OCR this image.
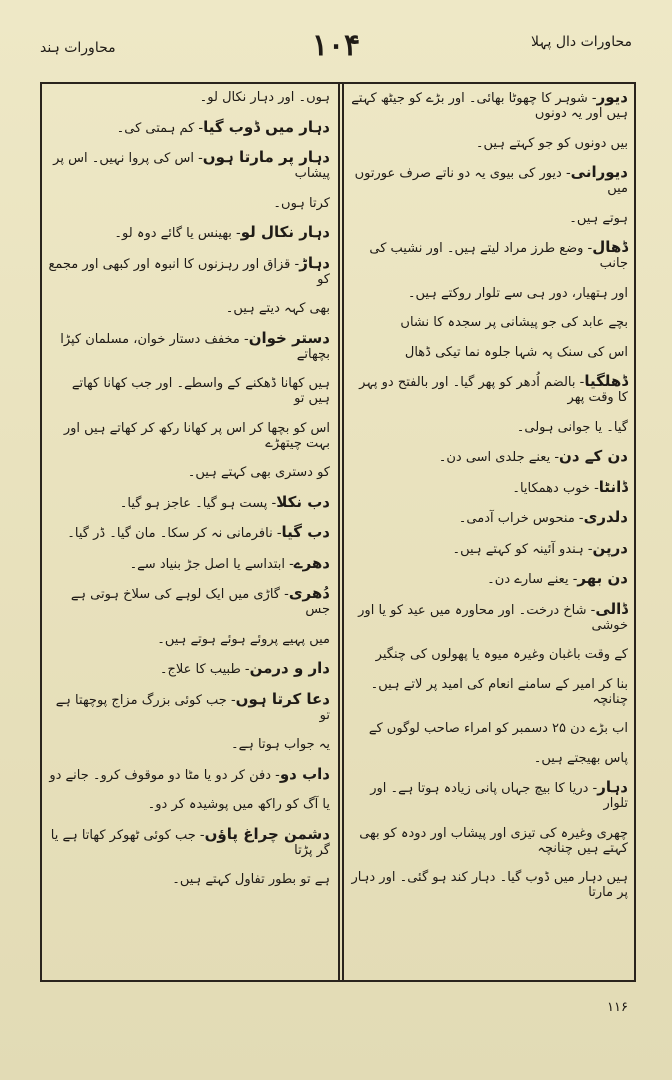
محاورات ہند	۱۰۴	محاورات دال پہلا

دیور- شوہر کا چھوٹا بھائی۔ اور بڑے کو جیٹھ کہتے ہیں اور یہ دونوں

بیں دونوں کو جو کہتے ہیں۔

دیورانی- دیور کی بیوی یہ دو ناتے صرف عورتوں میں

ہوتے ہیں۔

ڈھال- وضع طرز مراد لیتے ہیں۔ اور نشیب کی جانب

اور ہتھیار، دور ہی سے تلوار روکتے ہیں۔

بچے عابد کی جو پیشانی پر سجدہ کا نشاں

اس کی سنک پہ شہا جلوہ نما تیکی ڈھال

ڈھلگیا- بالضم اُدھر کو پھر گیا۔ اور بالفتح دو پہر کا وقت پھر

گیا۔ یا جوانی ہولی۔

دن کے دن- یعنے جلدی اسی دن۔

ڈانٹا- خوب دھمکایا۔

دلدری- منحوس خراب آدمی۔

درپن- ہندو آئینہ کو کہتے ہیں۔

دن بھر- یعنے سارے دن۔

ڈالی- شاخ درخت۔ اور محاورہ میں عید کو یا اور خوشی

کے وقت باغبان وغیرہ میوہ یا پھولوں کی چنگیر

بنا کر امیر کے سامنے انعام کی امید پر لاتے ہیں۔ چنانچہ

اب بڑے دن ۲۵ دسمبر کو امراء صاحب لوگوں کے

پاس بھیجتے ہیں۔

دہار- دریا کا بیچ جہاں پانی زیادہ ہوتا ہے۔ اور تلوار

چھری وغیرہ کی تیزی اور پیشاب اور دودہ کو بھی کہتے ہیں چنانچہ

ہیں دہار میں ڈوب گیا۔ دہار کند ہو گئی۔ اور دہار پر مارتا

ہوں۔ اور دہار نکال لو۔

دہار میں ڈوب گیا- کم ہمتی کی۔

دہار پر مارتا ہوں- اس کی پروا نہیں۔ اس پر پیشاب

کرتا ہوں۔

دہار نکال لو- بھینس یا گائے دوہ لو۔

دہاڑ- قزاق اور رہزنوں کا انبوہ اور کبھی اور مجمع کو

بھی کہہ دیتے ہیں۔

دستر خوان- مخفف دستار خوان، مسلمان کپڑا بچھاتے

ہیں کھانا ڈھکنے کے واسطے۔ اور جب کھانا کھاتے ہیں تو

اس کو بچھا کر اس پر کھانا رکھ کر کھاتے ہیں اور بہت چیتھڑے

کو دستری بھی کہتے ہیں۔

دب نکلا- پست ہو گیا۔ عاجز ہو گیا۔

دب گیا- نافرمانی نہ کر سکا۔ مان گیا۔ ڈر گیا۔

دھرے- ابتداسے یا اصل جڑ بنیاد سے۔

دُھری- گاڑی میں ایک لوہے کی سلاخ ہوتی ہے جس

میں پہیے پروئے ہوئے ہوتے ہیں۔

دار و درمن- طبیب کا علاج۔

دعا کرتا ہوں- جب کوئی بزرگ مزاج پوچھتا ہے تو

یہ جواب ہوتا ہے۔

داب دو- دفن کر دو یا مٹا دو موقوف کرو۔ جانے دو

یا آگ کو راکھ میں پوشیدہ کر دو۔

دشمن چراغ پاؤں- جب کوئی ٹھوکر کھاتا ہے یا گر پڑتا

ہے تو بطور تفاول کہتے ہیں۔

۱۱۶
